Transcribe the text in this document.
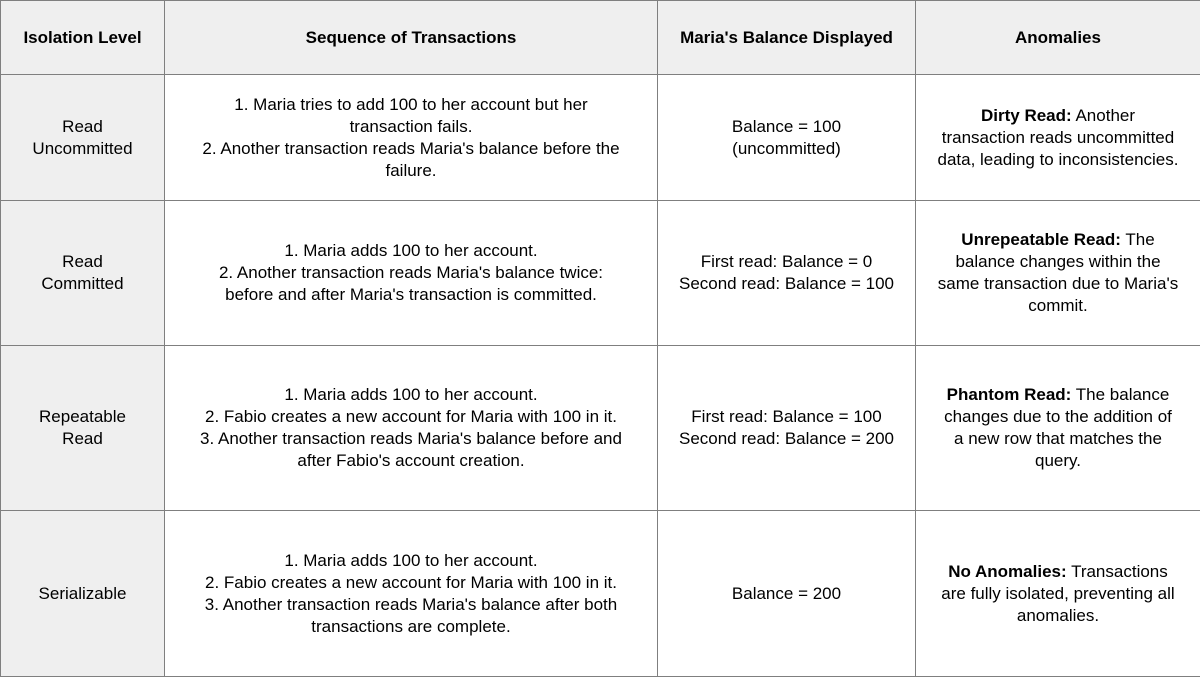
Isolation Level	Sequence of Transactions	Maria's Balance Displayed	Anomalies

Read
Uncommitted	1. Maria tries to add 100 to her account but her
transaction fails.
2. Another transaction reads Maria's balance before the
failure.	Balance = 100
(uncommitted)	Dirty Read: Another
transaction reads uncommitted
data, leading to inconsistencies.

Read
Committed	1. Maria adds 100 to her account.
2. Another transaction reads Maria's balance twice:
before and after Maria's transaction is committed.	First read: Balance = 0
Second read: Balance = 100	Unrepeatable Read: The
balance changes within the
same transaction due to Maria's
commit.

Repeatable
Read	1. Maria adds 100 to her account.
2. Fabio creates a new account for Maria with 100 in it.
3. Another transaction reads Maria's balance before and
after Fabio's account creation.	First read: Balance = 100
Second read: Balance = 200	Phantom Read: The balance
changes due to the addition of
a new row that matches the
query.

Serializable	1. Maria adds 100 to her account.
2. Fabio creates a new account for Maria with 100 in it.
3. Another transaction reads Maria's balance after both
transactions are complete.	Balance = 200	No Anomalies: Transactions
are fully isolated, preventing all
anomalies.
